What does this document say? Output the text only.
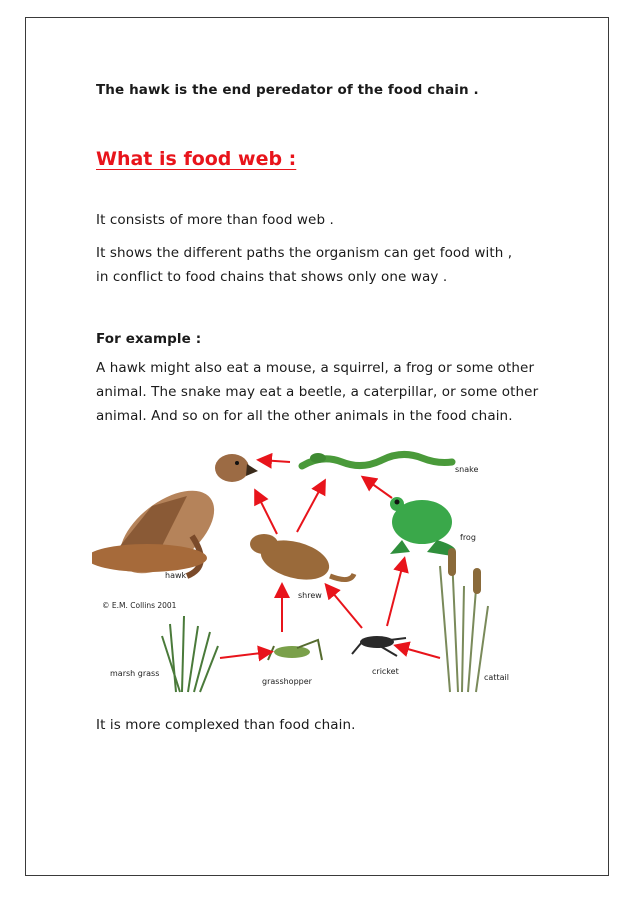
The hawk is the end peredator of the food chain .
What is food web :
It consists of more than food web .
It shows the different paths the organism can get food with ,
in conflict to food chains that shows only one way .
For example :
A hawk might also eat a mouse, a squirrel, a frog or some other
animal. The snake may eat a beetle, a caterpillar, or some other
animal. And so on for all the other animals in the food chain.
hawk
© E.M. Collins 2001
snake
frog
shrew
marsh grass
grasshopper
cricket
cattail
It is more complexed than food chain.
